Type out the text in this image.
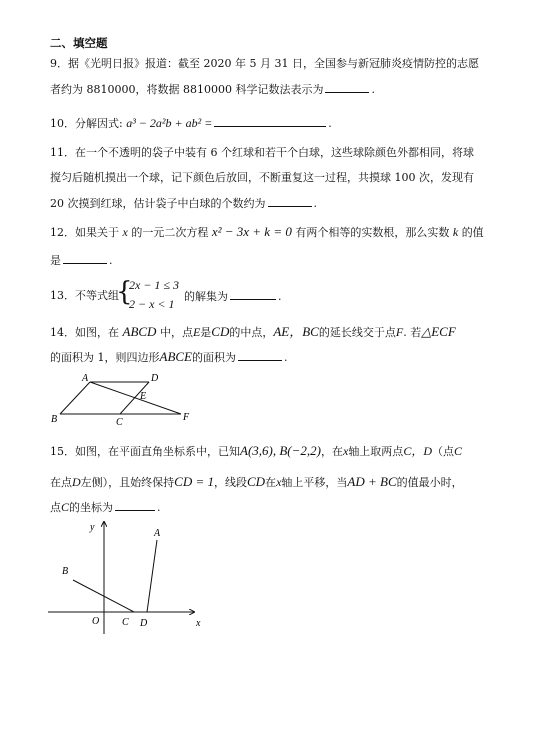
二、填空题
9．据《光明日报》报道：截至 2020 年 5 月 31 日，全国参与新冠肺炎疫情防控的志愿
者约为 8810000，将数据 8810000 科学记数法表示为	.
10．分解因式: a³ − 2a²b + ab² =	.
11．在一个不透明的袋子中装有 6 个红球和若干个白球，这些球除颜色外都相同，将球
搅匀后随机摸出一个球，记下颜色后放回，不断重复这一过程，共摸球 100 次，发现有
20 次摸到红球，估计袋子中白球的个数约为	.
12．如果关于 x 的一元二次方程 x² − 3x + k = 0 有两个相等的实数根，那么实数 k 的值
是	.
13．不等式组
{
2x − 1 ≤ 3
2 − x < 1
的解集为	.
14．如图，在 ABCD 中，点E是CD的中点，AE，BC的延长线交于点F. 若△ECF
的面积为 1，则四边形ABCE的面积为	.
A	D
E
B	C	F
15．如图，在平面直角坐标系中，已知A(3,6), B(−2,2)，在x轴上取两点C，D（点C
在点D左侧），且始终保持CD = 1，线段CD在x轴上平移，当AD + BC的值最小时，
点C的坐标为	.
y
A
B
O C D	x
